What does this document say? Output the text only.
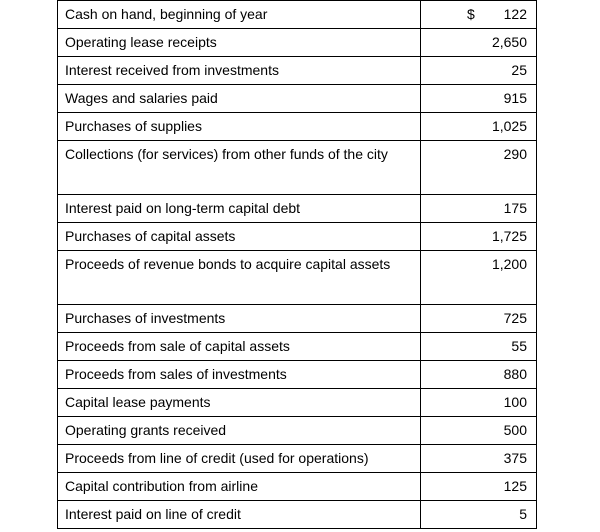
Cash on hand, beginning of year	$ 122
Operating lease receipts	2,650
Interest received from investments	25
Wages and salaries paid	915
Purchases of supplies	1,025
Collections (for services) from other funds of the city	290
Interest paid on long-term capital debt	175
Purchases of capital assets	1,725
Proceeds of revenue bonds to acquire capital assets	1,200
Purchases of investments	725
Proceeds from sale of capital assets	55
Proceeds from sales of investments	880
Capital lease payments	100
Operating grants received	500
Proceeds from line of credit (used for operations)	375
Capital contribution from airline	125
Interest paid on line of credit	5
